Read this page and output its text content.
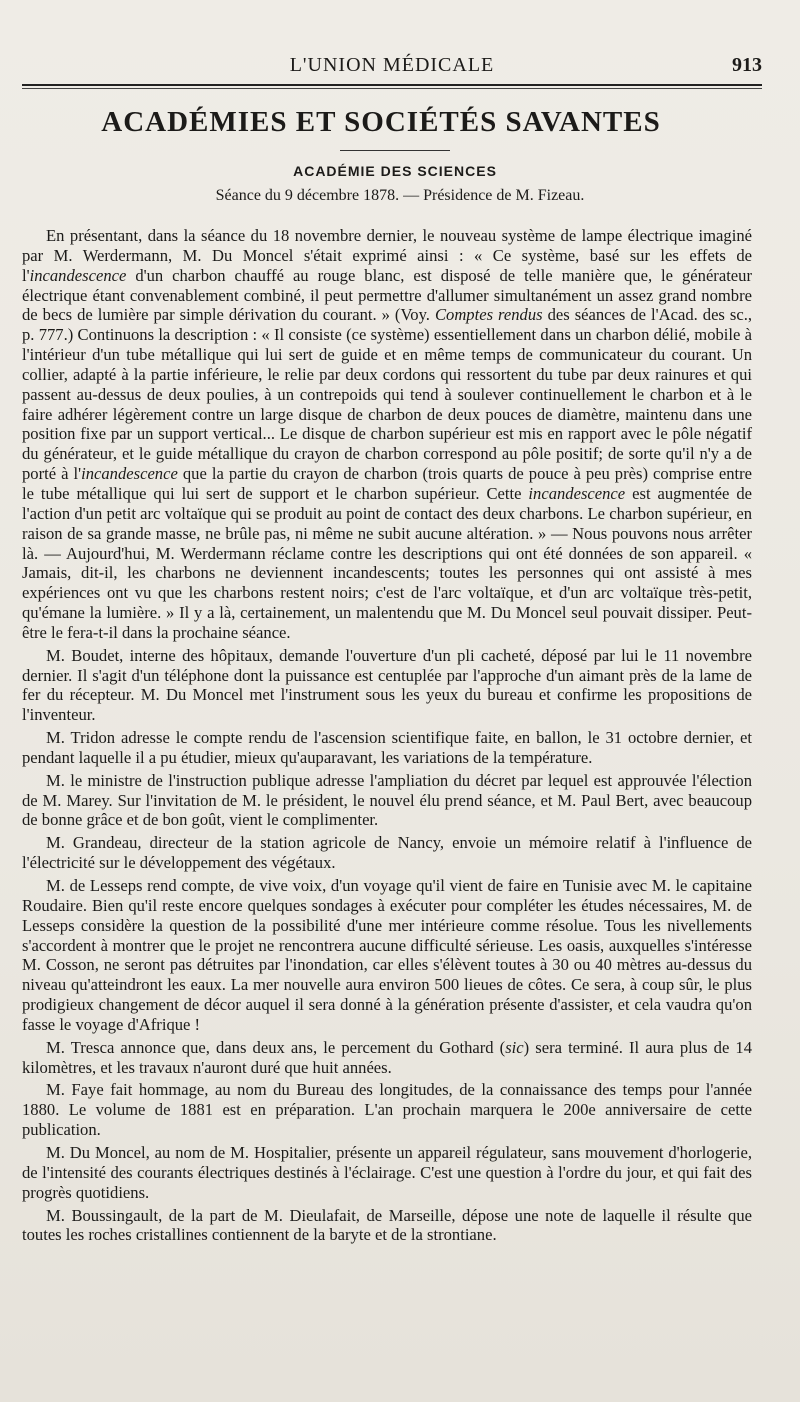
L'UNION MÉDICALE	913
ACADÉMIES ET SOCIÉTÉS SAVANTES
ACADÉMIE DES SCIENCES
Séance du 9 décembre 1878. — Présidence de M. Fizeau.

En présentant, dans la séance du 18 novembre dernier, le nouveau système de lampe électrique imaginé par M. Werdermann, M. Du Moncel s'était exprimé ainsi : « Ce système, basé sur les effets de l'incandescence d'un charbon chauffé au rouge blanc, est disposé de telle manière que, le générateur électrique étant convenablement combiné, il peut permettre d'allumer simultanément un assez grand nombre de becs de lumière par simple dérivation du courant. » (Voy. Comptes rendus des séances de l'Acad. des sc., p. 777.) Continuons la description : « Il consiste (ce système) essentiellement dans un charbon délié, mobile à l'intérieur d'un tube métallique qui lui sert de guide et en même temps de communicateur du courant. Un collier, adapté à la partie inférieure, le relie par deux cordons qui ressortent du tube par deux rainures et qui passent au-dessus de deux poulies, à un contrepoids qui tend à soulever continuellement le charbon et à le faire adhérer légèrement contre un large disque de charbon de deux pouces de diamètre, maintenu dans une position fixe par un support vertical... Le disque de charbon supérieur est mis en rapport avec le pôle négatif du générateur, et le guide métallique du crayon de charbon correspond au pôle positif; de sorte qu'il n'y a de porté à l'incandescence que la partie du crayon de charbon (trois quarts de pouce à peu près) comprise entre le tube métallique qui lui sert de support et le charbon supérieur. Cette incandescence est augmentée de l'action d'un petit arc voltaïque qui se produit au point de contact des deux charbons. Le charbon supérieur, en raison de sa grande masse, ne brûle pas, ni même ne subit aucune altération. » — Nous pouvons nous arrêter là. — Aujourd'hui, M. Werdermann réclame contre les descriptions qui ont été données de son appareil. « Jamais, dit-il, les charbons ne deviennent incandescents; toutes les personnes qui ont assisté à mes expériences ont vu que les charbons restent noirs; c'est de l'arc voltaïque, et d'un arc voltaïque très-petit, qu'émane la lumière. » Il y a là, certainement, un malentendu que M. Du Moncel seul pouvait dissiper. Peut-être le fera-t-il dans la prochaine séance.

M. Boudet, interne des hôpitaux, demande l'ouverture d'un pli cacheté, déposé par lui le 11 novembre dernier. Il s'agit d'un téléphone dont la puissance est centuplée par l'approche d'un aimant près de la lame de fer du récepteur. M. Du Moncel met l'instrument sous les yeux du bureau et confirme les propositions de l'inventeur.

M. Tridon adresse le compte rendu de l'ascension scientifique faite, en ballon, le 31 octobre dernier, et pendant laquelle il a pu étudier, mieux qu'auparavant, les variations de la température.

M. le ministre de l'instruction publique adresse l'ampliation du décret par lequel est approuvée l'élection de M. Marey. Sur l'invitation de M. le président, le nouvel élu prend séance, et M. Paul Bert, avec beaucoup de bonne grâce et de bon goût, vient le complimenter.

M. Grandeau, directeur de la station agricole de Nancy, envoie un mémoire relatif à l'influence de l'électricité sur le développement des végétaux.

M. de Lesseps rend compte, de vive voix, d'un voyage qu'il vient de faire en Tunisie avec M. le capitaine Roudaire. Bien qu'il reste encore quelques sondages à exécuter pour compléter les études nécessaires, M. de Lesseps considère la question de la possibilité d'une mer intérieure comme résolue. Tous les nivellements s'accordent à montrer que le projet ne rencontrera aucune difficulté sérieuse. Les oasis, auxquelles s'intéresse M. Cosson, ne seront pas détruites par l'inondation, car elles s'élèvent toutes à 30 ou 40 mètres au-dessus du niveau qu'atteindront les eaux. La mer nouvelle aura environ 500 lieues de côtes. Ce sera, à coup sûr, le plus prodigieux changement de décor auquel il sera donné à la génération présente d'assister, et cela vaudra qu'on fasse le voyage d'Afrique !

M. Tresca annonce que, dans deux ans, le percement du Gothard (sic) sera terminé. Il aura plus de 14 kilomètres, et les travaux n'auront duré que huit années.

M. Faye fait hommage, au nom du Bureau des longitudes, de la connaissance des temps pour l'année 1880. Le volume de 1881 est en préparation. L'an prochain marquera le 200e anniversaire de cette publication.

M. Du Moncel, au nom de M. Hospitalier, présente un appareil régulateur, sans mouvement d'horlogerie, de l'intensité des courants électriques destinés à l'éclairage. C'est une question à l'ordre du jour, et qui fait des progrès quotidiens.

M. Boussingault, de la part de M. Dieulafait, de Marseille, dépose une note de laquelle il résulte que toutes les roches cristallines contiennent de la baryte et de la strontiane.
